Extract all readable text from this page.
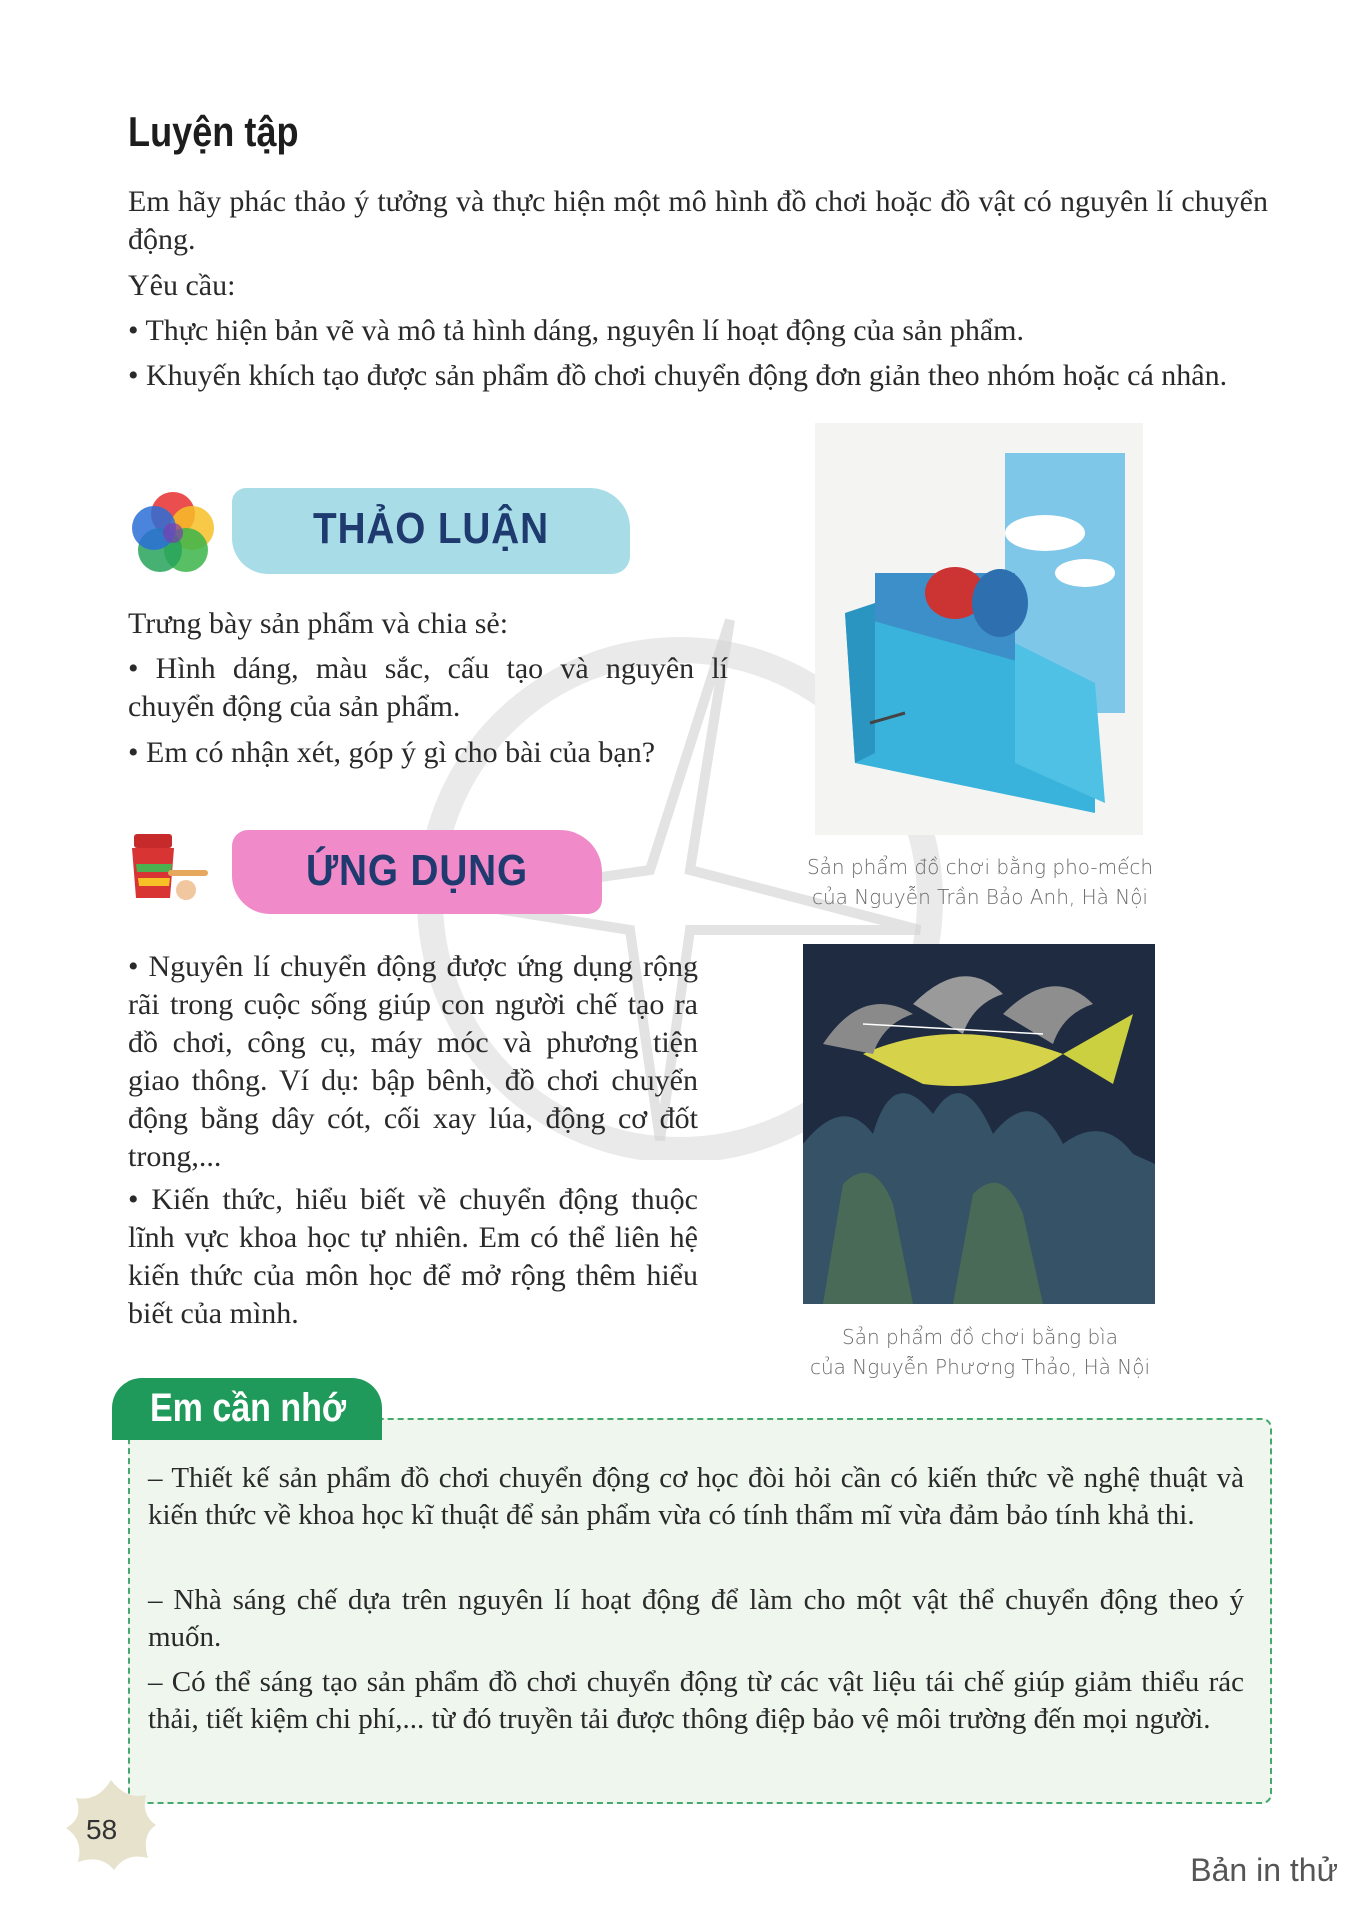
Luyện tập
Em hãy phác thảo ý tưởng và thực hiện một mô hình đồ chơi hoặc đồ vật có nguyên lí chuyển động.
Yêu cầu:
• Thực hiện bản vẽ và mô tả hình dáng, nguyên lí hoạt động của sản phẩm.
• Khuyến khích tạo được sản phẩm đồ chơi chuyển động đơn giản theo nhóm hoặc cá nhân.
THẢO LUẬN
Trưng bày sản phẩm và chia sẻ:
• Hình dáng, màu sắc, cấu tạo và nguyên lí chuyển động của sản phẩm.
• Em có nhận xét, góp ý gì cho bài của bạn?
ỨNG DỤNG
• Nguyên lí chuyển động được ứng dụng rộng rãi trong cuộc sống giúp con người chế tạo ra đồ chơi, công cụ, máy móc và phương tiện giao thông. Ví dụ: bập bênh, đồ chơi chuyển động bằng dây cót, cối xay lúa, động cơ đốt trong,...
• Kiến thức, hiểu biết về chuyển động thuộc lĩnh vực khoa học tự nhiên. Em có thể liên hệ kiến thức của môn học để mở rộng thêm hiểu biết của mình.
Sản phẩm đồ chơi bằng pho-mếch
của Nguyễn Trần Bảo Anh, Hà Nội
Sản phẩm đồ chơi bằng bìa
của Nguyễn Phương Thảo, Hà Nội
Em cần nhớ
– Thiết kế sản phẩm đồ chơi chuyển động cơ học đòi hỏi cần có kiến thức về nghệ thuật và kiến thức về khoa học kĩ thuật để sản phẩm vừa có tính thẩm mĩ vừa đảm bảo tính khả thi.
– Nhà sáng chế dựa trên nguyên lí hoạt động để làm cho một vật thể chuyển động theo ý muốn.
– Có thể sáng tạo sản phẩm đồ chơi chuyển động từ các vật liệu tái chế giúp giảm thiểu rác thải, tiết kiệm chi phí,... từ đó truyền tải được thông điệp bảo vệ môi trường đến mọi người.
58
Bản in thử
